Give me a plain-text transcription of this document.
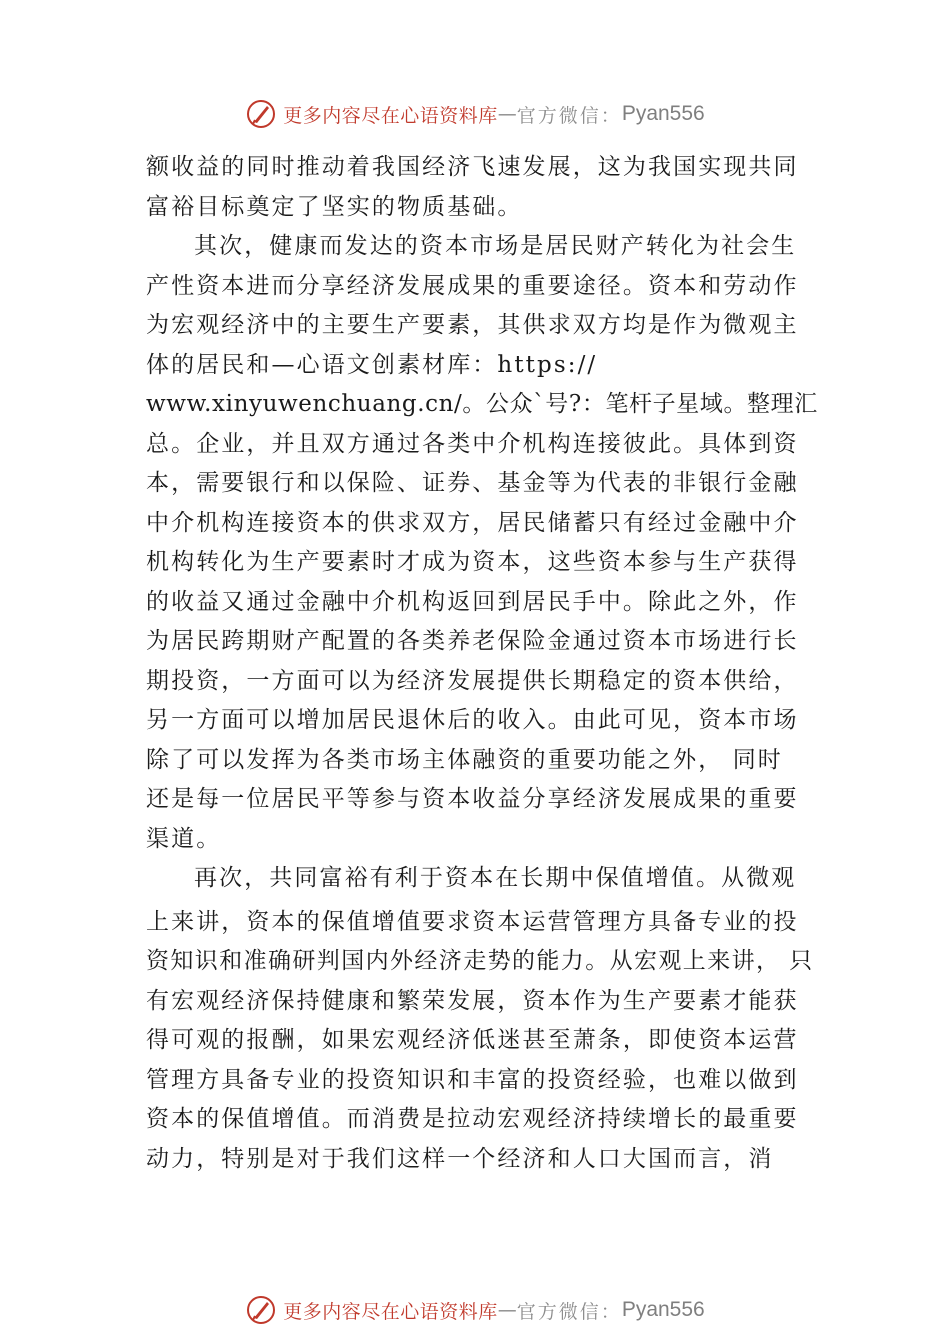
更多内容尽在心语资料库 — 官方微信： Pyan556
额收益的同时推动着我国经济飞速发展，这为我国实现共同
富裕目标奠定了坚实的物质基础。
其次，健康而发达的资本市场是居民财产转化为社会生
产性资本进而分享经济发展成果的重要途径。资本和劳动作
为宏观经济中的主要生产要素，其供求双方均是作为微观主
体的居民和—心语文创素材库：https://
www.xinyuwenchuang.cn/。公众`号?：笔杆子星域。整理汇
总。企业，并且双方通过各类中介机构连接彼此。具体到资
本，需要银行和以保险、证券、基金等为代表的非银行金融
中介机构连接资本的供求双方，居民储蓄只有经过金融中介
机构转化为生产要素时才成为资本，这些资本参与生产获得
的收益又通过金融中介机构返回到居民手中。除此之外，作
为居民跨期财产配置的各类养老保险金通过资本市场进行长
期投资，一方面可以为经济发展提供长期稳定的资本供给，
另一方面可以增加居民退休后的收入。由此可见，资本市场
除了可以发挥为各类市场主体融资的重要功能之外， 同时
还是每一位居民平等参与资本收益分享经济发展成果的重要
渠道。
再次，共同富裕有利于资本在长期中保值增值。从微观
上来讲，资本的保值增值要求资本运营管理方具备专业的投
资知识和准确研判国内外经济走势的能力。从宏观上来讲， 只
有宏观经济保持健康和繁荣发展，资本作为生产要素才能获
得可观的报酬，如果宏观经济低迷甚至萧条，即使资本运营
管理方具备专业的投资知识和丰富的投资经验，也难以做到
资本的保值增值。而消费是拉动宏观经济持续增长的最重要
动力，特别是对于我们这样一个经济和人口大国而言，消
更多内容尽在心语资料库 — 官方微信： Pyan556
